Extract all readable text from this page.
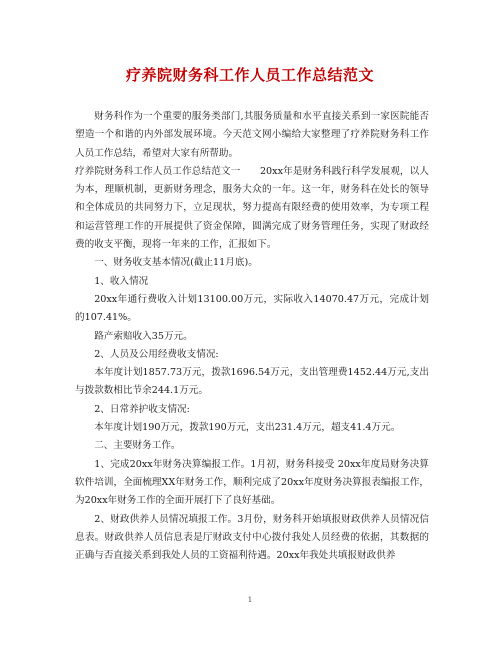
疗养院财务科工作人员工作总结范文

财务科作为一个重要的服务类部门,其服务质量和水平直接关系到一家医院能否塑造一个和谐的内外部发展环境。今天范文网小编给大家整理了疗养院财务科工作人员工作总结，希望对大家有所帮助。

疗养院财务科工作人员工作总结范文一　　20xx年是财务科践行科学发展观，以人为本，理顺机制，更新财务理念，服务大众的一年。这一年，财务科在处长的领导和全体成员的共同努力下，立足现状，努力提高有限经费的使用效率，为专项工程和运营管理工作的开展提供了资金保障，圆满完成了财务管理任务，实现了财政经费的收支平衡，现将一年来的工作，汇报如下。

一、财务收支基本情况(截止11月底)。

1、收入情况

20xx年通行费收入计划13100.00万元，实际收入14070.47万元，完成计划的107.41%。

路产索赔收入35万元。

2、人员及公用经费收支情况:

本年度计划1857.73万元，拨款1696.54万元，支出管理费1452.44万元,支出与拨款数相比节余244.1万元。

2、日常养护收支情况:

本年度计划190万元，拨款190万元，支出231.4万元，超支41.4万元。

二、主要财务工作。

1、完成20xx年财务决算编报工作。1月初，财务科接受 20xx年度局财务决算软件培训，全面梳理XX年财务工作，顺利完成了20xx年度财务决算报表编报工作，为20xx年财务工作的全面开展打下了良好基础。

2、财政供养人员情况填报工作。3月份，财务科开始填报财政供养人员情况信息表。财政供养人员信息表是厅财政支付中心拨付我处人员经费的依据，其数据的正确与否直接关系到我处人员的工资福利待遇。20xx年我处共填报财政供养

1
